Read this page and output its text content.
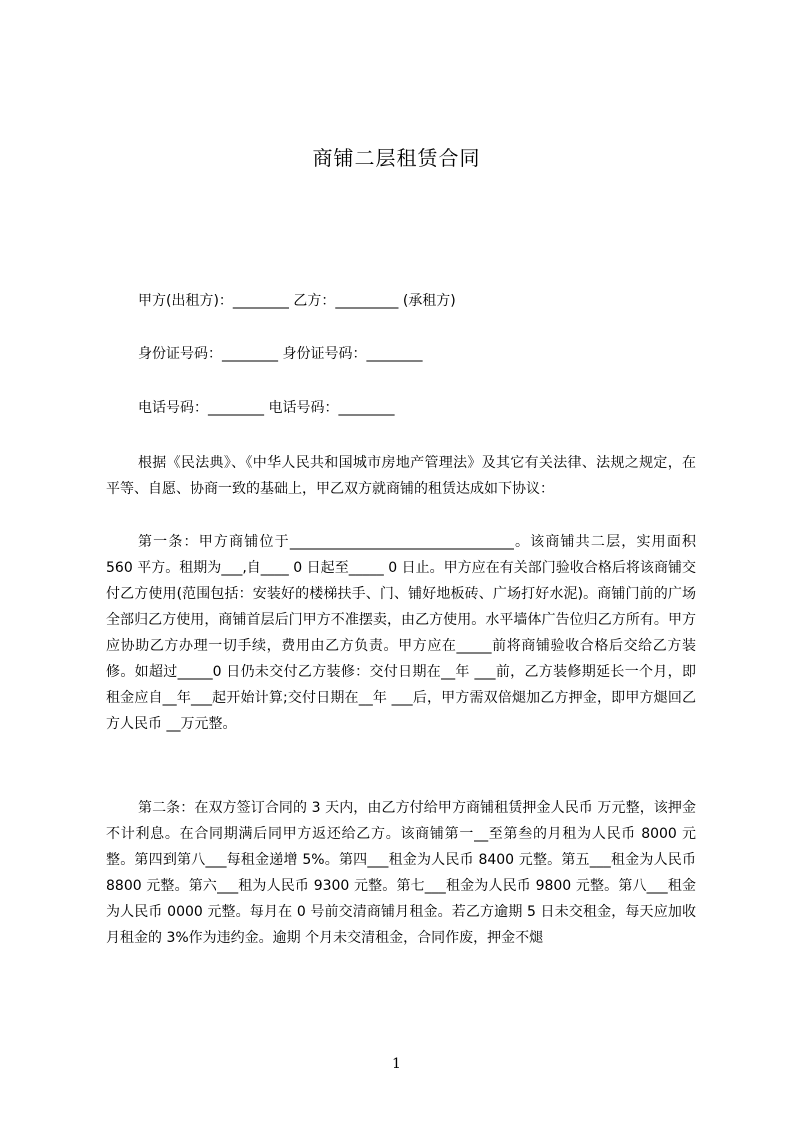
商铺二层租赁合同
甲方(出租方)：________ 乙方：_________ (承租方)
身份证号码：________ 身份证号码：________
电话号码：________ 电话号码：________

根据《民法典》、《中华人民共和国城市房地产管理法》及其它有关法律、法规之规定，在平等、自愿、协商一致的基础上，甲乙双方就商铺的租赁达成如下协议：

第一条：甲方商铺位于________________________________。该商铺共二层，实用面积 560 平方。租期为___,自____ 0 日起至_____ 0 日止。甲方应在有关部门验收合格后将该商铺交付乙方使用(范围包括：安装好的楼梯扶手、门、铺好地板砖、广场打好水泥)。商铺门前的广场全部归乙方使用，商铺首层后门甲方不准摆卖，由乙方使用。水平墙体广告位归乙方所有。甲方应协助乙方办理一切手续，费用由乙方负责。甲方应在_____前将商铺验收合格后交给乙方装修。如超过_____0 日仍未交付乙方装修：交付日期在__年 ___前，乙方装修期延长一个月，即租金应自__年___起开始计算;交付日期在__年 ___后，甲方需双倍煺加乙方押金，即甲方煺回乙方人民币 __万元整。

第二条：在双方签订合同的 3 天内，由乙方付给甲方商铺租赁押金人民币 万元整，该押金不计利息。在合同期满后同甲方返还给乙方。该商铺第一__至第叁的月租为人民币 8000 元整。第四到第八___每租金递增 5%。第四___租金为人民币 8400 元整。第五___租金为人民币 8800 元整。第六___租为人民币 9300 元整。第七___租金为人民币 9800 元整。第八___租金为人民币 0000 元整。每月在 0 号前交清商铺月租金。若乙方逾期 5 日未交租金，每天应加收月租金的 3%作为违约金。逾期 个月未交清租金，合同作废，押金不煺

1
